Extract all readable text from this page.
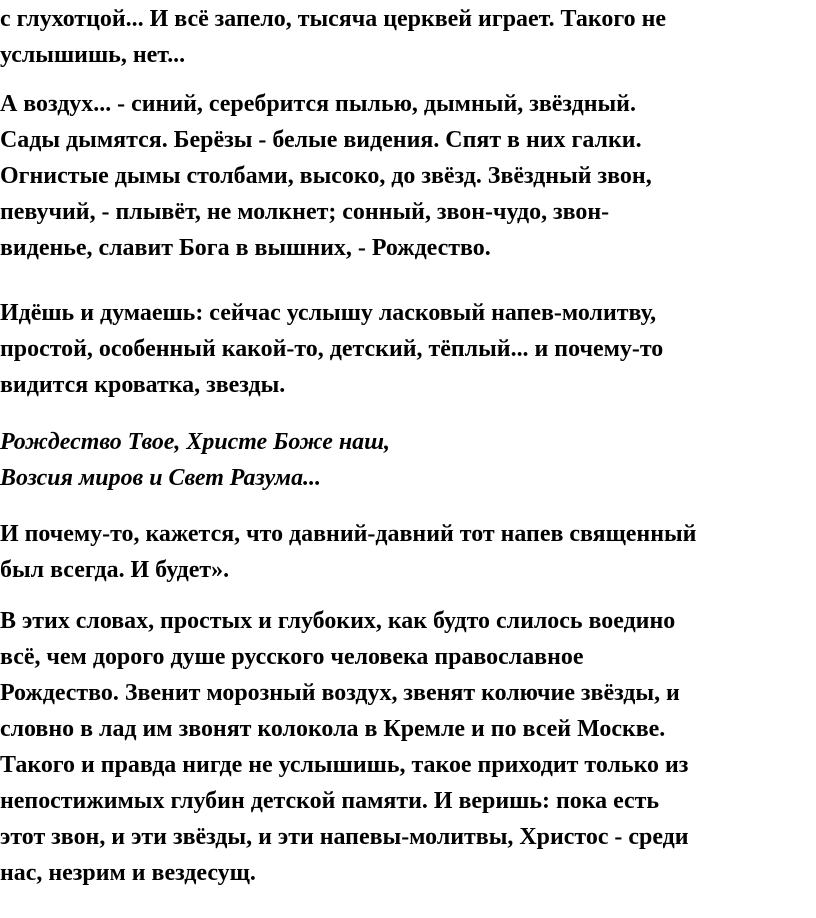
с глухотцой... И всё запело, тысяча церквей играет. Такого не
услышишь, нет...

А воздух... - синий, серебрится пылью, дымный, звёздный.
Сады дымятся. Берёзы - белые видения. Спят в них галки.
Огнистые дымы столбами, высоко, до звёзд. Звёздный звон,
певучий, - плывёт, не молкнет; сонный, звон-чудо, звон-
виденье, славит Бога в вышних, - Рождество.

Идёшь и думаешь: сейчас услышу ласковый напев-молитву,
простой, особенный какой-то, детский, тёплый... и почему-то
видится кроватка, звезды.

Рождество Твое, Христе Боже наш,
Возсия миров и Свет Разума...

И почему-то, кажется, что давний-давний тот напев священный
был всегда. И будет».

В этих словах, простых и глубоких, как будто слилось воедино
всё, чем дорого душе русского человека православное
Рождество. Звенит морозный воздух, звенят колючие звёзды, и
словно в лад им звонят колокола в Кремле и по всей Москве.
Такого и правда нигде не услышишь, такое приходит только из
непостижимых глубин детской памяти. И веришь: пока есть
этот звон, и эти звёзды, и эти напевы-молитвы, Христос - среди
нас, незрим и вездесущ.
